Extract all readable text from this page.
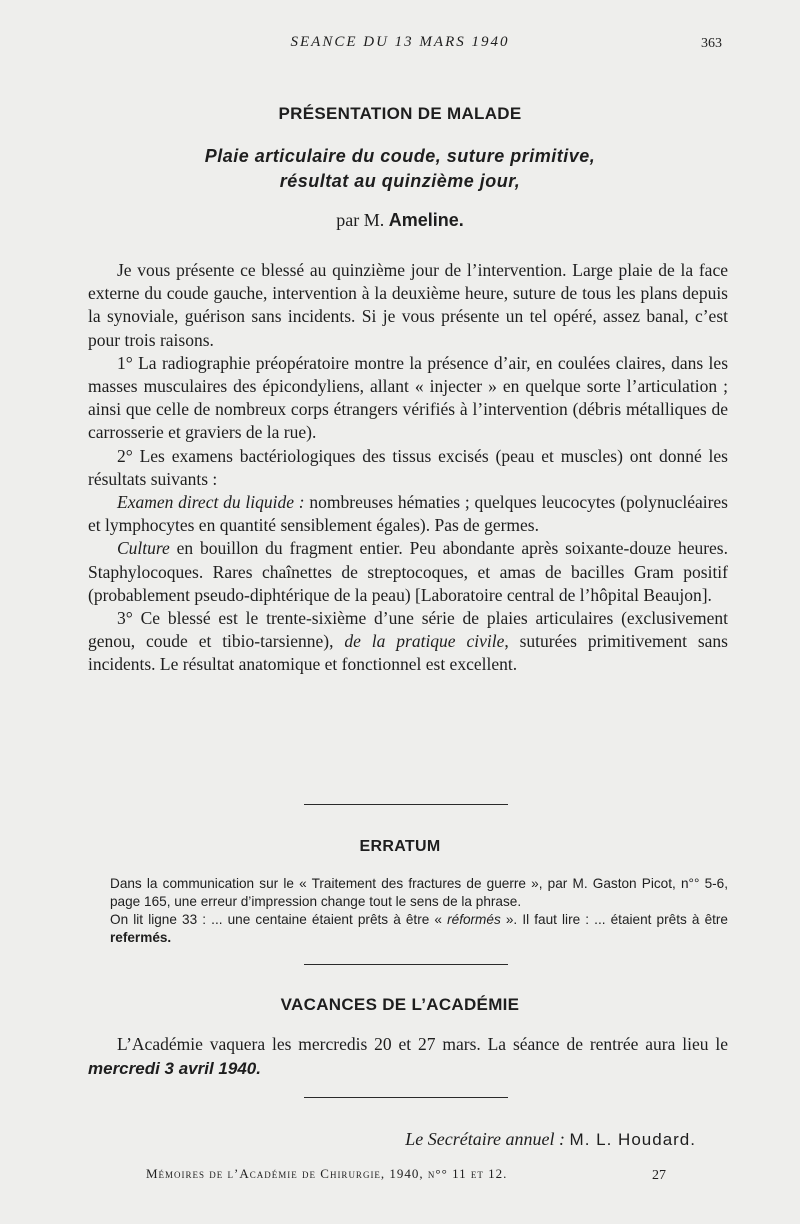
SEANCE DU 13 MARS 1940	363
PRÉSENTATION DE MALADE
Plaie articulaire du coude, suture primitive,
résultat au quinzième jour,
par M. Ameline.

Je vous présente ce blessé au quinzième jour de l’intervention. Large plaie de la face externe du coude gauche, intervention à la deuxième heure, suture de tous les plans depuis la synoviale, guérison sans incidents. Si je vous présente un tel opéré, assez banal, c’est pour trois raisons.

1° La radiographie préopératoire montre la présence d’air, en coulées claires, dans les masses musculaires des épicondyliens, allant « injecter » en quelque sorte l’articulation ; ainsi que celle de nombreux corps étrangers vérifiés à l’intervention (débris métalliques de carrosserie et graviers de la rue).

2° Les examens bactériologiques des tissus excisés (peau et muscles) ont donné les résultats suivants :

Examen direct du liquide : nombreuses hématies ; quelques leucocytes (polynucléaires et lymphocytes en quantité sensiblement égales). Pas de germes.

Culture en bouillon du fragment entier. Peu abondante après soixante-douze heures. Staphylocoques. Rares chaînettes de streptocoques, et amas de bacilles Gram positif (probablement pseudo-diphtérique de la peau) [Laboratoire central de l’hôpital Beaujon].

3° Ce blessé est le trente-sixième d’une série de plaies articulaires (exclusivement genou, coude et tibio-tarsienne), de la pratique civile, suturées primitivement sans incidents. Le résultat anatomique et fonctionnel est excellent.

ERRATUM

Dans la communication sur le « Traitement des fractures de guerre », par M. Gaston Picot, n°° 5-6, page 165, une erreur d’impression change tout le sens de la phrase.

On lit ligne 33 : ... une centaine étaient prêts à être « réformés ». Il faut lire : ... étaient prêts à être refermés.

VACANCES DE L’ACADÉMIE

L’Académie vaquera les mercredis 20 et 27 mars. La séance de rentrée aura lieu le mercredi 3 avril 1940.

Le Secrétaire annuel : M. L. Houdard.
Mémoires de l’Académie de Chirurgie, 1940, n°° 11 et 12.	27
